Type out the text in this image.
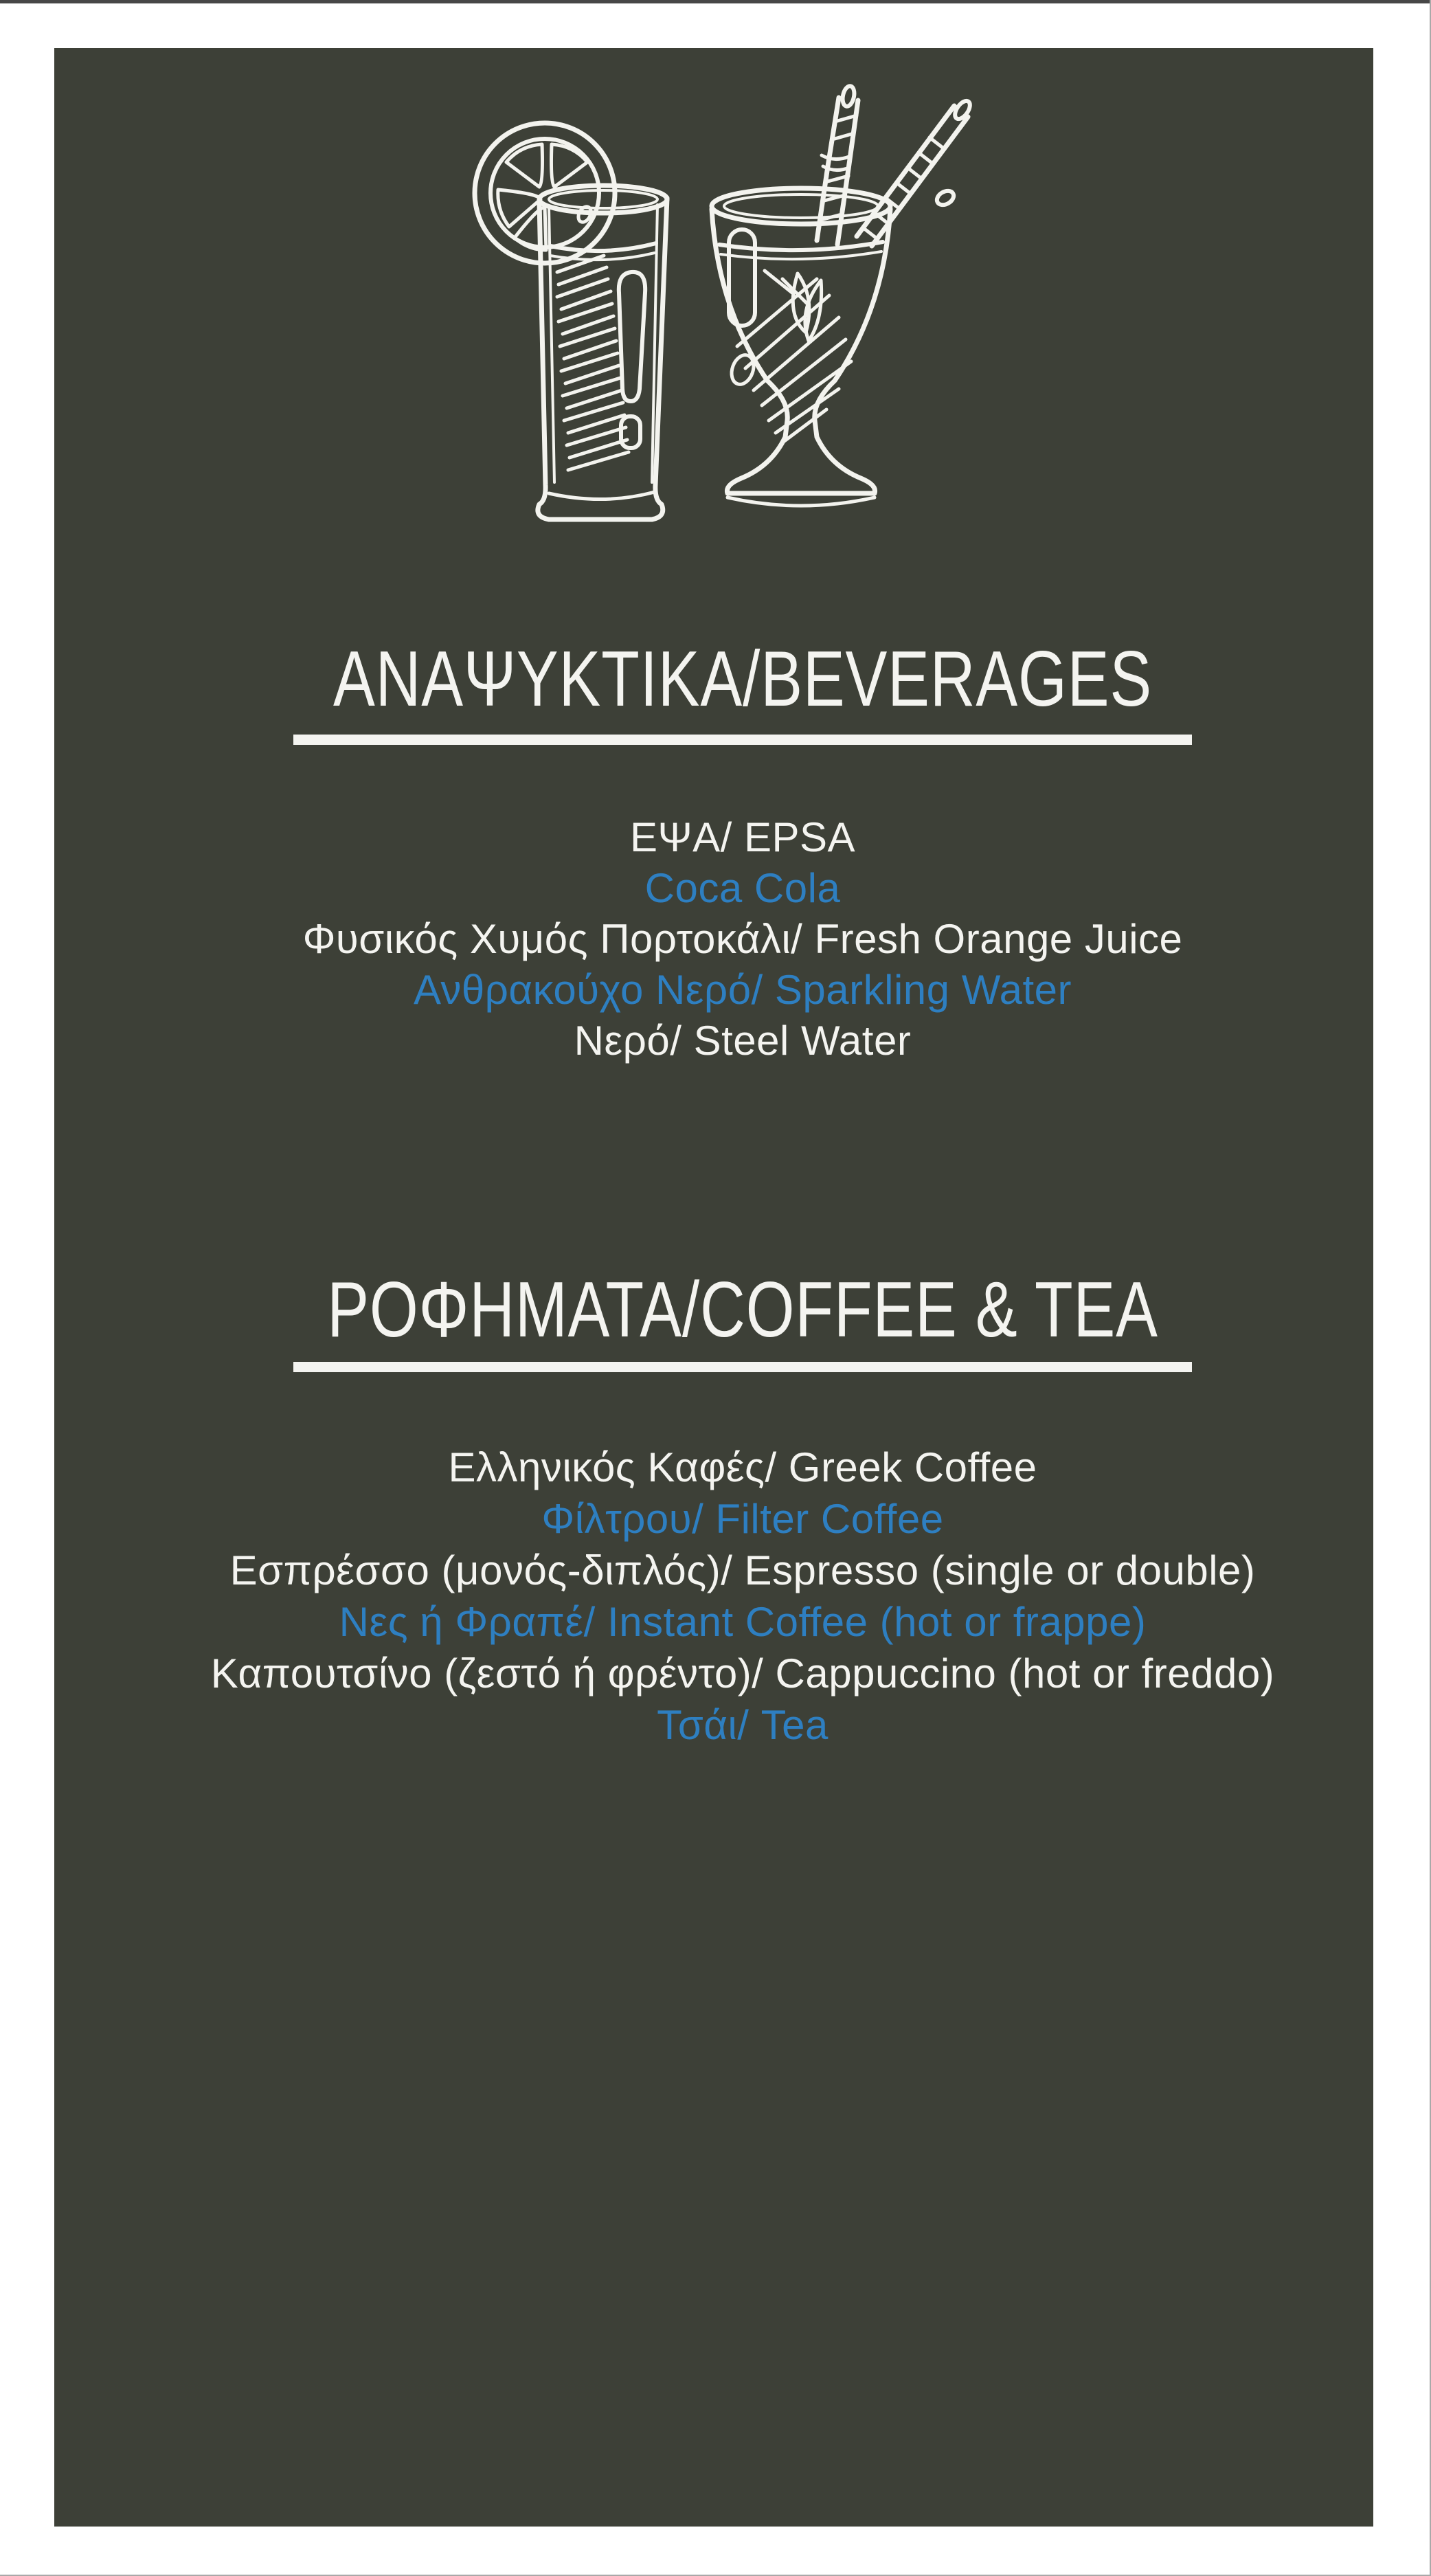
ΑΝΑΨΥΚΤΙΚΑ/BEVERAGES
ΕΨΑ/ EPSA
Coca Cola
Φυσικός Χυμός Πορτοκάλι/ Fresh Orange Juice
Ανθρακούχο Νερό/ Sparkling Water
Νερό/ Steel Water
ΡΟΦΗΜΑΤΑ/COFFEE & TEA
Ελληνικός Καφές/ Greek Coffee
Φίλτρου/ Filter Coffee
Εσπρέσσο (μονός-διπλός)/ Espresso (single or double)
Νες ή Φραπέ/ Instant Coffee (hot or frappe)
Καπουτσίνο (ζεστό ή φρέντο)/ Cappuccino (hot or freddo)
Τσάι/ Tea
